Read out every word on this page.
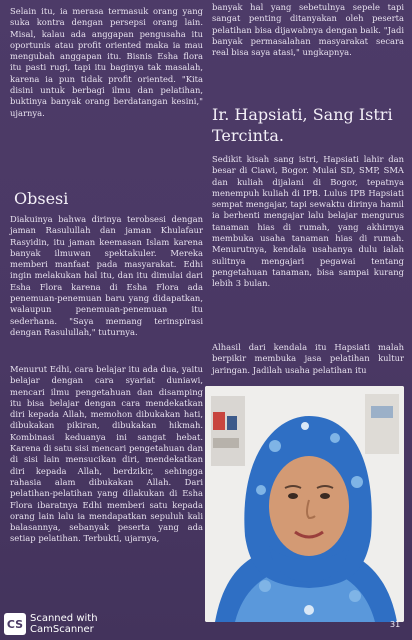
Selain itu, ia merasa termasuk orang yang suka kontra dengan persepsi orang lain. Misal, kalau ada anggapan pengusaha itu oportunis atau profit oriented maka ia mau mengubah anggapan itu. Bisnis Esha flora itu pasti rugi, tapi itu baginya tak masalah, karena ia pun tidak profit oriented. "Kita disini untuk berbagi ilmu dan pelatihan, buktinya banyak orang berdatangan kesini," ujarnya.

Obsesi

Diakuinya bahwa dirinya terobsesi dengan jaman Rasulullah dan jaman Khulafaur Rasyidin, itu jaman keemasan Islam karena banyak ilmuwan spektakuler. Mereka memberi manfaat pada masyarakat. Edhi ingin melakukan hal itu, dan itu dimulai dari Esha Flora karena di Esha Flora ada penemuan-penemuan baru yang didapatkan, walaupun penemuan-penemuan itu sederhana. "Saya memang terinspirasi dengan Rasulullah," tuturnya.

Menurut Edhi, cara belajar itu ada dua, yaitu belajar dengan cara syariat duniawi, mencari ilmu pengetahuan dan disamping itu bisa belajar dengan cara mendekatkan diri kepada Allah, memohon dibukakan hati, dibukakan pikiran, dibukakan hikmah. Kombinasi keduanya ini sangat hebat. Karena di satu sisi mencari pengetahuan dan di sisi lain mensucikan diri, mendekatkan diri kepada Allah, berdzikir, sehingga rahasia alam dibukakan Allah. Dari pelatihan-pelatihan yang dilakukan di Esha Flora ibaratnya Edhi memberi satu kepada orang lain lalu ia mendapatkan sepuluh kali balasannya, sebanyak peserta yang ada setiap pelatihan. Terbukti, ujarnya,

banyak hal yang sebetulnya sepele tapi sangat penting ditanyakan oleh peserta pelatihan bisa dijawabnya dengan baik. "Jadi banyak permasalahan masyarakat secara real bisa saya atasi," ungkapnya.

Ir. Hapsiati, Sang Istri Tercinta.

Sedikit kisah sang istri, Hapsiati lahir dan besar di Ciawi, Bogor. Mulai SD, SMP, SMA dan kuliah dijalani di Bogor, tepatnya menempuh kuliah di IPB. Lulus IPB Hapsiati sempat mengajar, tapi sewaktu dirinya hamil ia berhenti mengajar lalu belajar mengurus tanaman hias di rumah, yang akhirnya membuka usaha tanaman hias di rumah. Menurutnya, kendala usahanya dulu ialah sulitnya mengajari pegawai tentang pengetahuan tanaman, bisa sampai kurang lebih 3 bulan.

Alhasil dari kendala itu Hapsiati malah berpikir membuka jasa pelatihan kultur jaringan. Jadilah usaha pelatihan itu

31
CS Scanned with
CamScanner
